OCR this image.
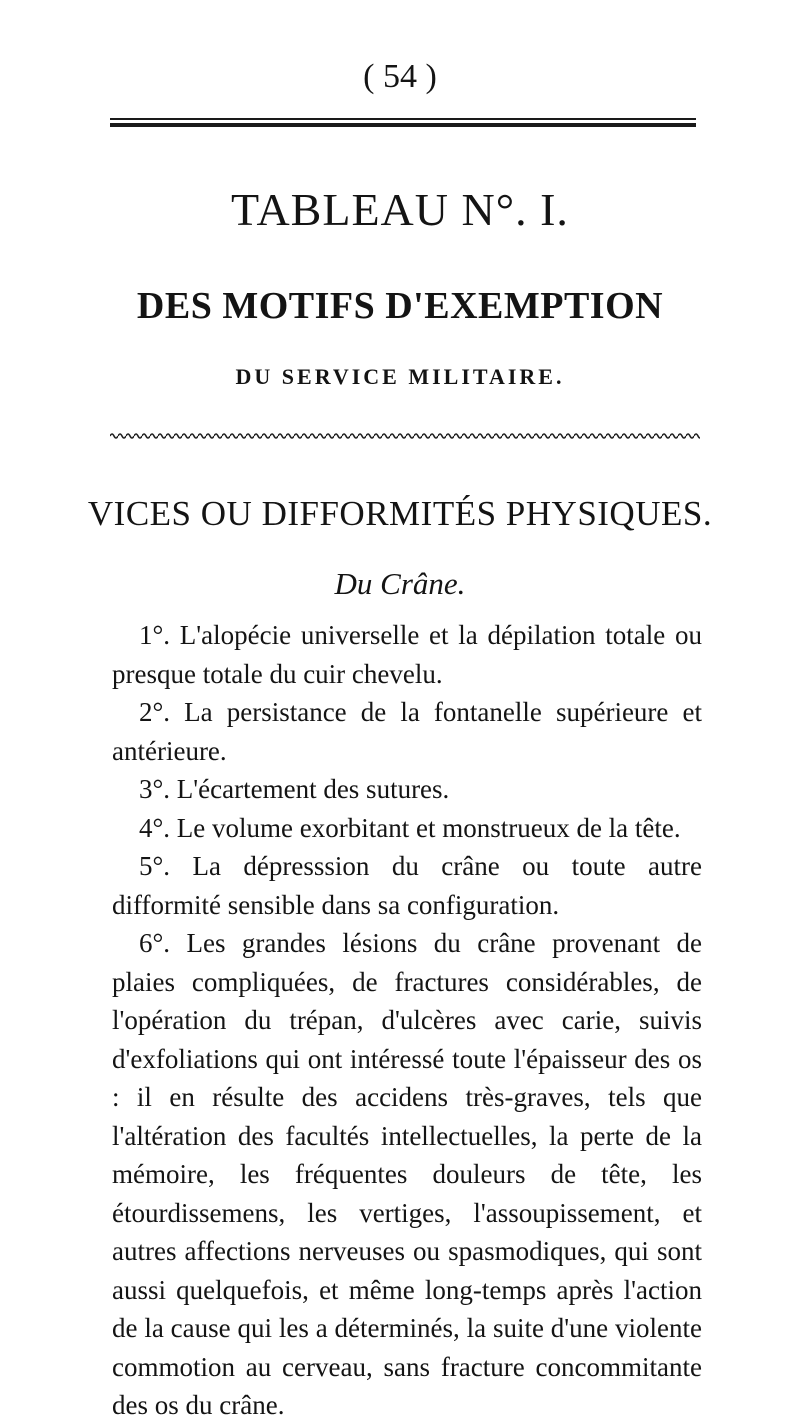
( 54 )
TABLEAU N°. I.
DES MOTIFS D'EXEMPTION
DU SERVICE MILITAIRE.
VICES OU DIFFORMITÉS PHYSIQUES.
Du Crâne.

1°. L'alopécie universelle et la dépilation totale ou presque totale du cuir chevelu.

2°. La persistance de la fontanelle supérieure et antérieure.

3°. L'écartement des sutures.

4°. Le volume exorbitant et monstrueux de la tête.

5°. La dépresssion du crâne ou toute autre difformité sensible dans sa configuration.

6°. Les grandes lésions du crâne provenant de plaies compliquées, de fractures considérables, de l'opération du trépan, d'ulcères avec carie, suivis d'exfoliations qui ont intéressé toute l'épaisseur des os : il en résulte des accidens très-graves, tels que l'altération des facultés intellectuelles, la perte de la mémoire, les fréquentes douleurs de tête, les étourdissemens, les vertiges, l'assoupissement, et autres affections nerveuses ou spasmodiques, qui sont aussi quelquefois, et même long-temps après l'action de la cause qui les a déterminés, la suite d'une violente commotion au cerveau, sans fracture concommitante des os du crâne.
